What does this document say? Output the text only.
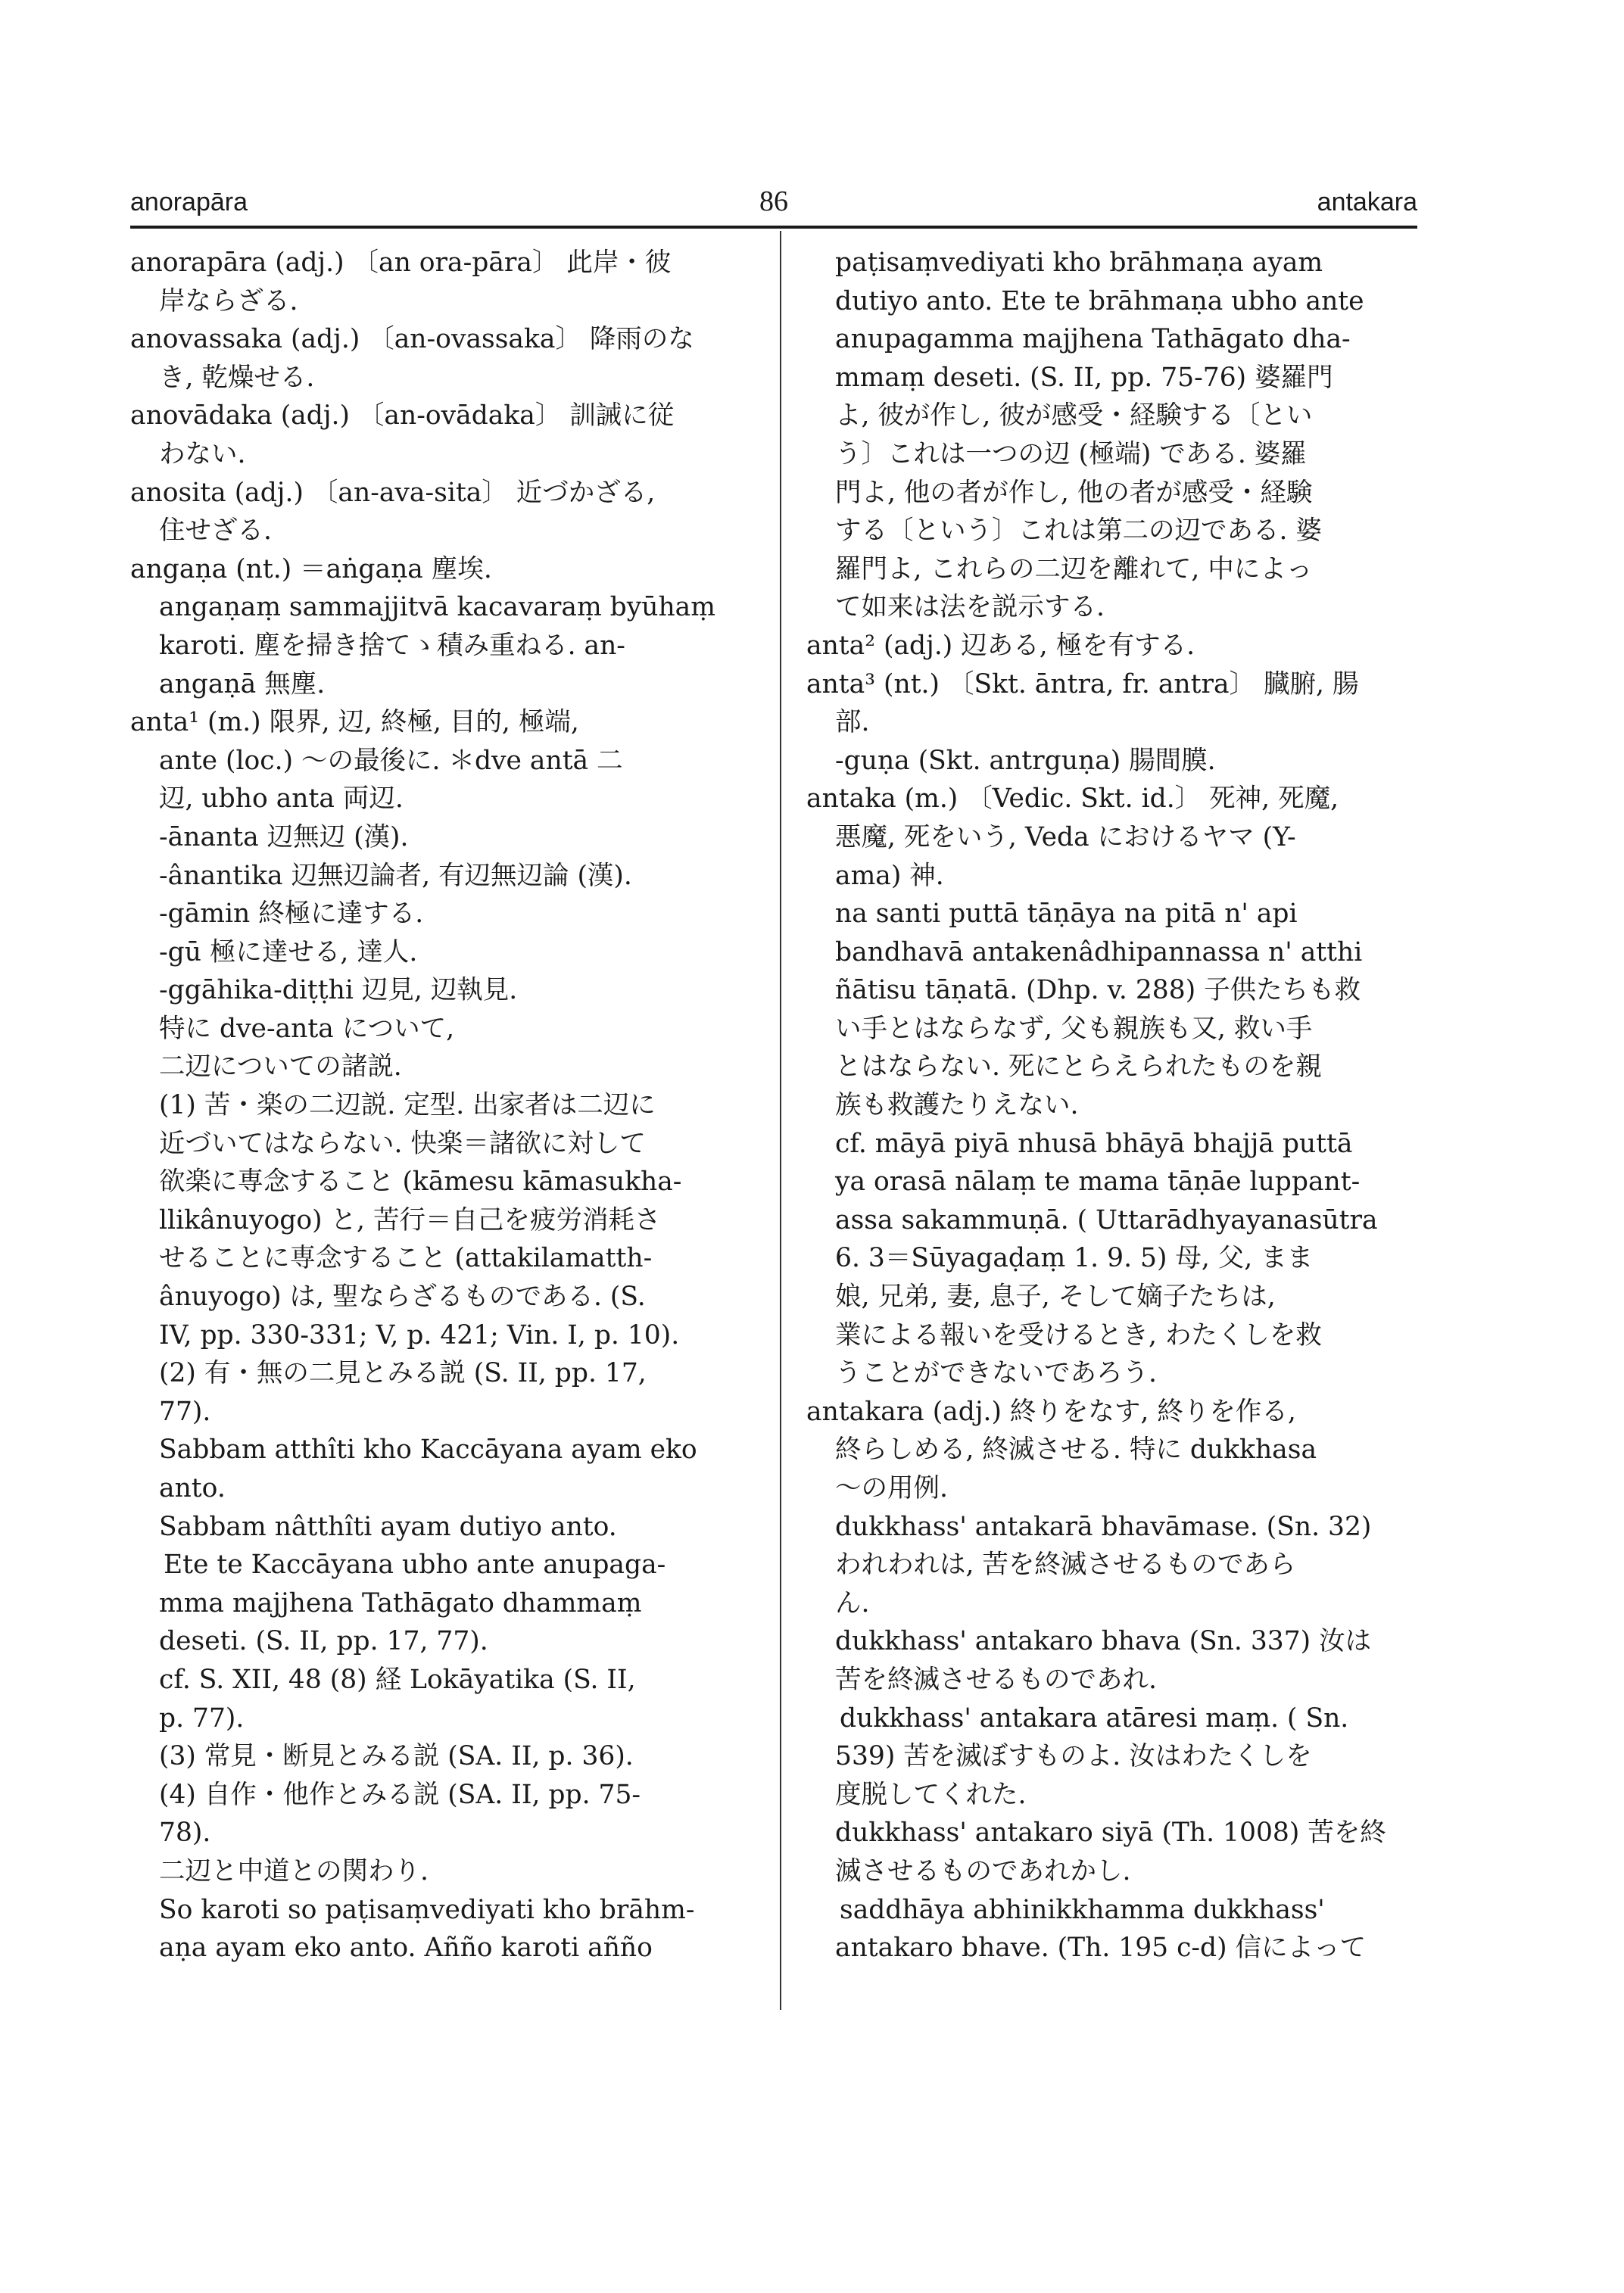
anorapāra	86	antakara
anorapāra (adj.) 〔an ora-pāra〕 此岸・彼
岸ならざる.
anovassaka (adj.) 〔an-ovassaka〕 降雨のな
き, 乾燥せる.
anovādaka (adj.) 〔an-ovādaka〕 訓誡に従
わない.
anosita (adj.) 〔an-ava-sita〕 近づかざる,
住せざる.
angaṇa (nt.) ＝aṅgaṇa 塵埃.
angaṇaṃ sammajjitvā kacavaraṃ byūhaṃ
karoti. 塵を掃き捨てゝ積み重ねる. an-
angaṇā 無塵.
anta¹ (m.) 限界, 辺, 終極, 目的, 極端,
ante (loc.) ～の最後に. ＊dve antā 二
辺, ubho anta 両辺.
-ānanta 辺無辺 (漢).
-ânantika 辺無辺論者, 有辺無辺論 (漢).
-gāmin 終極に達する.
-gū 極に達せる, 達人.
-ggāhika-diṭṭhi 辺見, 辺執見.
特に dve-anta について,
二辺についての諸説.
(1) 苦・楽の二辺説. 定型. 出家者は二辺に
近づいてはならない. 快楽＝諸欲に対して
欲楽に専念すること (kāmesu kāmasukha-
llikânuyogo) と, 苦行＝自己を疲労消耗さ
せることに専念すること (attakilamatth-
ânuyogo) は, 聖ならざるものである. (S.
IV, pp. 330-331; V, p. 421; Vin. I, p. 10).
(2) 有・無の二見とみる説 (S. II, pp. 17,
77).
Sabbam atthîti kho Kaccāyana ayam eko
anto.
Sabbam nâtthîti ayam dutiyo anto.
Ete te Kaccāyana ubho ante anupaga-
mma majjhena Tathāgato dhammaṃ
deseti. (S. II, pp. 17, 77).
cf. S. XII, 48 (8) 経 Lokāyatika (S. II,
p. 77).
(3) 常見・断見とみる説 (SA. II, p. 36).
(4) 自作・他作とみる説 (SA. II, pp. 75-
78).
二辺と中道との関わり.
So karoti so paṭisaṃvediyati kho brāhm-
aṇa ayam eko anto. Añño karoti añño
paṭisaṃvediyati kho brāhmaṇa ayam
dutiyo anto. Ete te brāhmaṇa ubho ante
anupagamma majjhena Tathāgato dha-
mmaṃ deseti. (S. II, pp. 75-76) 婆羅門
よ, 彼が作し, 彼が感受・経験する〔とい
う〕これは一つの辺 (極端) である. 婆羅
門よ, 他の者が作し, 他の者が感受・経験
する〔という〕これは第二の辺である. 婆
羅門よ, これらの二辺を離れて, 中によっ
て如来は法を説示する.
anta² (adj.) 辺ある, 極を有する.
anta³ (nt.) 〔Skt. āntra, fr. antra〕 臓腑, 腸
部.
-guṇa (Skt. antrguṇa) 腸間膜.
antaka (m.) 〔Vedic. Skt. id.〕 死神, 死魔,
悪魔, 死をいう, Veda におけるヤマ (Y-
ama) 神.
na santi puttā tāṇāya na pitā n' api
bandhavā antakenâdhipannassa n' atthi
ñātisu tāṇatā. (Dhp. v. 288) 子供たちも救
い手とはならなず, 父も親族も又, 救い手
とはならない. 死にとらえられたものを親
族も救護たりえない.
cf. māyā piyā nhusā bhāyā bhajjā puttā
ya orasā nālaṃ te mama tāṇāe luppant-
assa sakammuṇā. ( Uttarādhyayanasūtra
6. 3＝Sūyagaḍaṃ 1. 9. 5) 母, 父, まま
娘, 兄弟, 妻, 息子, そして嫡子たちは,
業による報いを受けるとき, わたくしを救
うことができないであろう.
antakara (adj.) 終りをなす, 終りを作る,
終らしめる, 終滅させる. 特に dukkhasa
～の用例.
dukkhass' antakarā bhavāmase. (Sn. 32)
われわれは, 苦を終滅させるものであら
ん.
dukkhass' antakaro bhava (Sn. 337) 汝は
苦を終滅させるものであれ.
dukkhass' antakara atāresi maṃ. ( Sn.
539) 苦を滅ぼすものよ. 汝はわたくしを
度脱してくれた.
dukkhass' antakaro siyā (Th. 1008) 苦を終
滅させるものであれかし.
saddhāya abhinikkhamma dukkhass'
antakaro bhave. (Th. 195 c-d) 信によって
